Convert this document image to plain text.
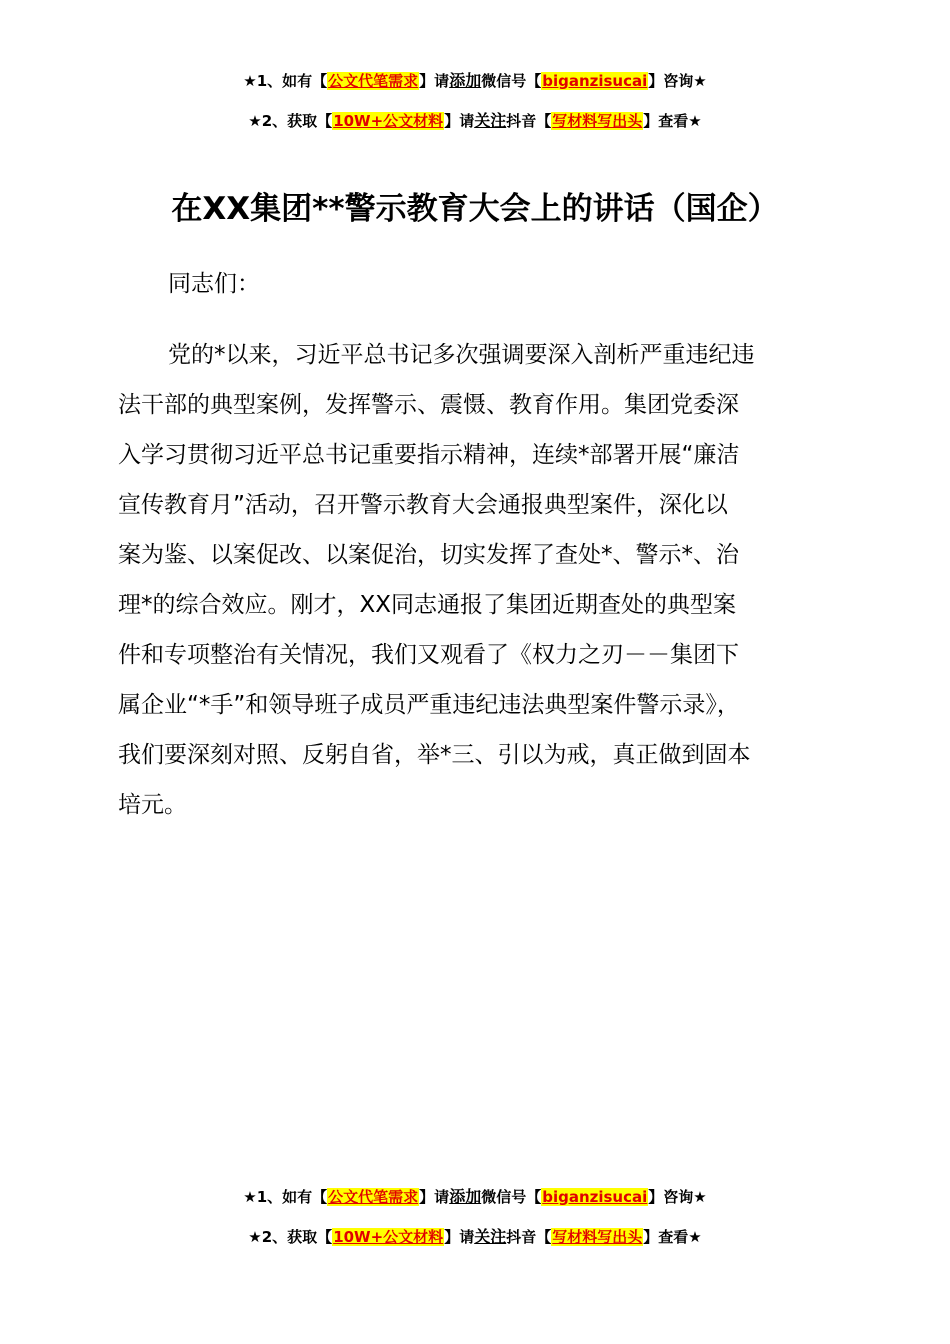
★1、如有【公文代笔需求】请添加微信号【biganzisucai】咨询★
★2、获取【10W+公文材料】请关注抖音【写材料写出头】查看★
在XX集团**警示教育大会上的讲话（国企）
同志们：
党的*以来，习近平总书记多次强调要深入剖析严重违纪违
法干部的典型案例，发挥警示、震慑、教育作用。集团党委深
入学习贯彻习近平总书记重要指示精神，连续*部署开展“廉洁
宣传教育月”活动，召开警示教育大会通报典型案件，深化以
案为鉴、以案促改、以案促治，切实发挥了查处*、警示*、治
理*的综合效应。刚才，XX同志通报了集团近期查处的典型案
件和专项整治有关情况，我们又观看了《权力之刃－－集团下
属企业“*手”和领导班子成员严重违纪违法典型案件警示录》，
我们要深刻对照、反躬自省，举*三、引以为戒，真正做到固本
培元。
★1、如有【公文代笔需求】请添加微信号【biganzisucai】咨询★
★2、获取【10W+公文材料】请关注抖音【写材料写出头】查看★
